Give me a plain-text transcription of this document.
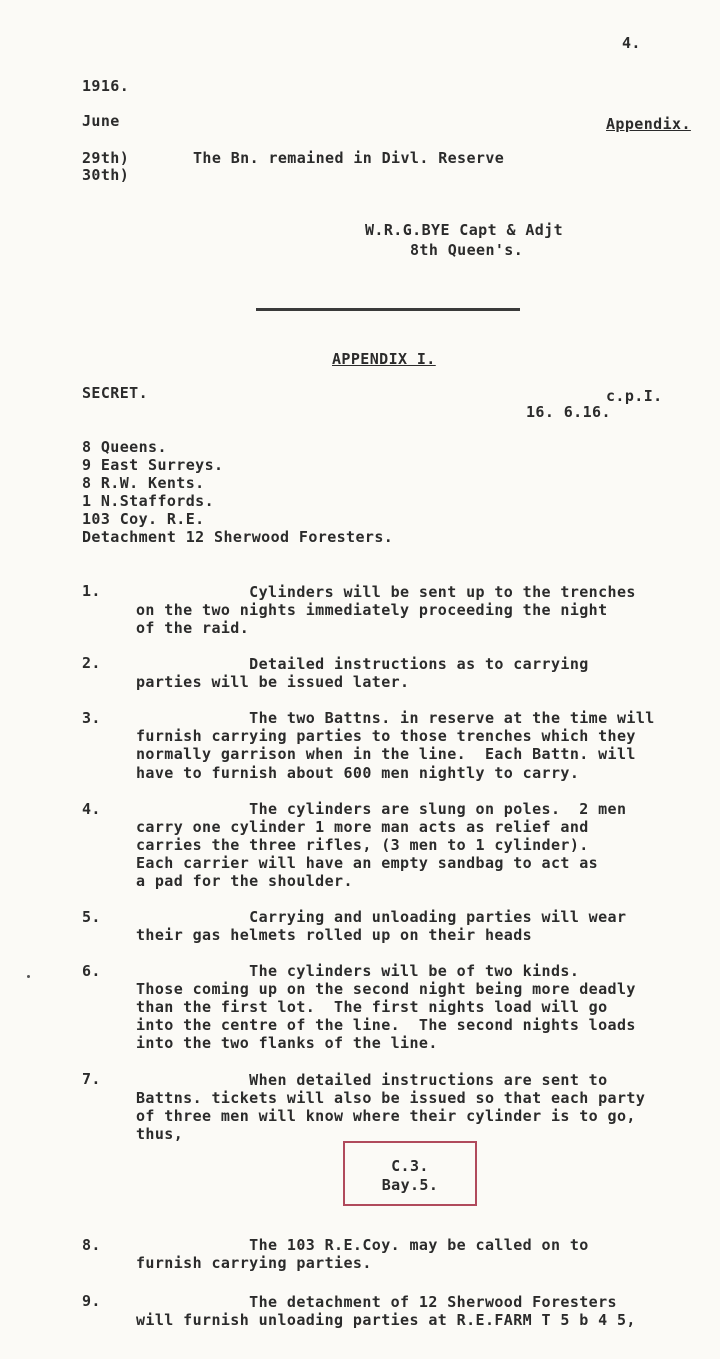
4.
1916.
June	Appendix.
29th)
30th)
The Bn. remained in Divl. Reserve
W.R.G.BYE Capt & Adjt
8th Queen's.
APPENDIX I.
SECRET.	c.p.I.
16. 6.16.
8 Queens.
9 East Surreys.
8 R.W. Kents.
1 N.Staffords.
103 Coy. R.E.
Detachment 12 Sherwood Foresters.
1. Cylinders will be sent up to the trenches
on the two nights immediately proceeding the night
of the raid.
2. Detailed instructions as to carrying
parties will be issued later.
3. The two Battns. in reserve at the time will
furnish carrying parties to those trenches which they
normally garrison when in the line.  Each Battn. will
have to furnish about 600 men nightly to carry.
4. The cylinders are slung on poles.  2 men
carry one cylinder 1 more man acts as relief and
carries the three rifles, (3 men to 1 cylinder).
Each carrier will have an empty sandbag to act as
a pad for the shoulder.
5. Carrying and unloading parties will wear
their gas helmets rolled up on their heads
6. The cylinders will be of two kinds.
Those coming up on the second night being more deadly
than the first lot.  The first nights load will go
into the centre of the line.  The second nights loads
into the two flanks of the line.
7. When detailed instructions are sent to
Battns. tickets will also be issued so that each party
of three men will know where their cylinder is to go,
thus,
C.3.
Bay.5.
8. The 103 R.E.Coy. may be called on to
furnish carrying parties.
9. The detachment of 12 Sherwood Foresters
will furnish unloading parties at R.E.FARM T 5 b 4 5,
